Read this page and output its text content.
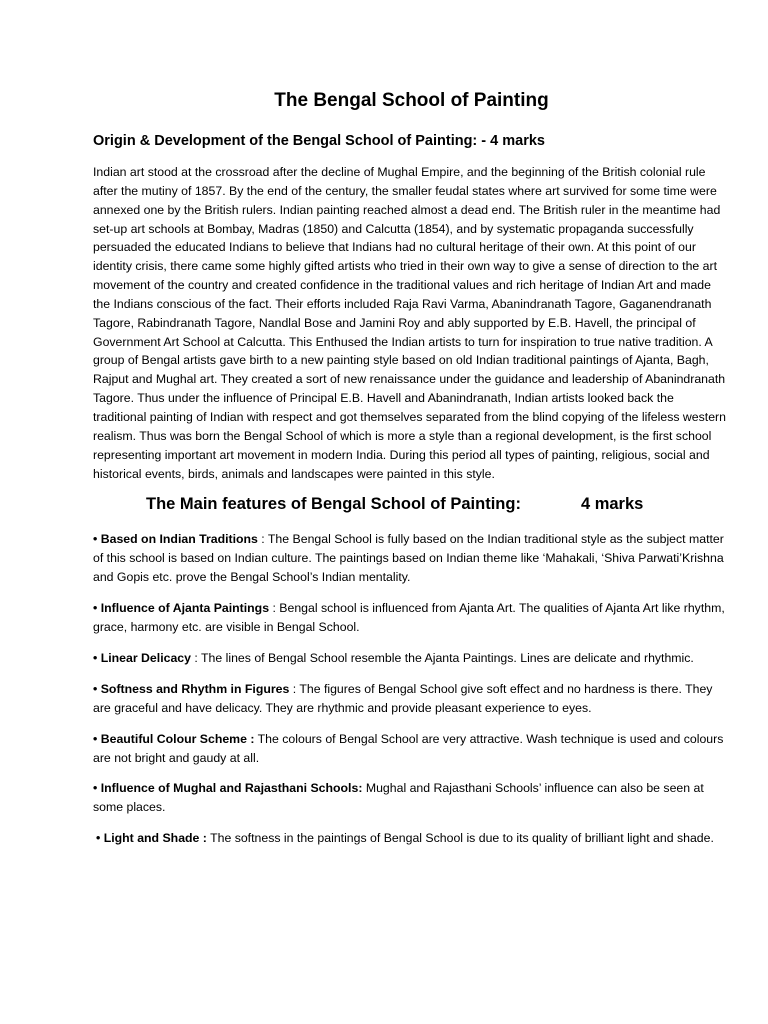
The Bengal School of Painting
Origin & Development of the Bengal School of Painting: - 4 marks

Indian art stood at the crossroad after the decline of Mughal Empire, and the beginning of the British colonial rule after the mutiny of 1857. By the end of the century, the smaller feudal states where art survived for some time were annexed one by the British rulers. Indian painting reached almost a dead end. The British ruler in the meantime had set-up art schools at Bombay, Madras (1850) and Calcutta (1854), and by systematic propaganda successfully persuaded the educated Indians to believe that Indians had no cultural heritage of their own. At this point of our identity crisis, there came some highly gifted artists who tried in their own way to give a sense of direction to the art movement of the country and created confidence in the traditional values and rich heritage of Indian Art and made the Indians conscious of the fact. Their efforts included Raja Ravi Varma, Abanindranath Tagore, Gaganendranath Tagore, Rabindranath Tagore, Nandlal Bose and Jamini Roy and ably supported by E.B. Havell, the principal of Government Art School at Calcutta. This Enthused the Indian artists to turn for inspiration to true native tradition. A group of Bengal artists gave birth to a new painting style based on old Indian traditional paintings of Ajanta, Bagh, Rajput and Mughal art. They created a sort of new renaissance under the guidance and leadership of Abanindranath Tagore. Thus under the influence of Principal E.B. Havell and Abanindranath, Indian artists looked back the traditional painting of Indian with respect and got themselves separated from the blind copying of the lifeless western realism. Thus was born the Bengal School of which is more a style than a regional development, is the first school representing important art movement in modern India. During this period all types of painting, religious, social and historical events, birds, animals and landscapes were painted in this style.

The Main features of Bengal School of Painting:	4 marks

• Based on Indian Traditions : The Bengal School is fully based on the Indian traditional style as the subject matter of this school is based on Indian culture. The paintings based on Indian theme like ‘Mahakali, ‘Shiva Parwati’Krishna and Gopis etc. prove the Bengal School’s Indian mentality.

• Influence of Ajanta Paintings : Bengal school is influenced from Ajanta Art. The qualities of Ajanta Art like rhythm, grace, harmony etc. are visible in Bengal School.

• Linear Delicacy : The lines of Bengal School resemble the Ajanta Paintings. Lines are delicate and rhythmic.

• Softness and Rhythm in Figures : The figures of Bengal School give soft effect and no hardness is there. They are graceful and have delicacy. They are rhythmic and provide pleasant experience to eyes.

• Beautiful Colour Scheme : The colours of Bengal School are very attractive. Wash technique is used and colours are not bright and gaudy at all.

• Influence of Mughal and Rajasthani Schools: Mughal and Rajasthani Schools’ influence can also be seen at some places.

• Light and Shade : The softness in the paintings of Bengal School is due to its quality of brilliant light and shade.
